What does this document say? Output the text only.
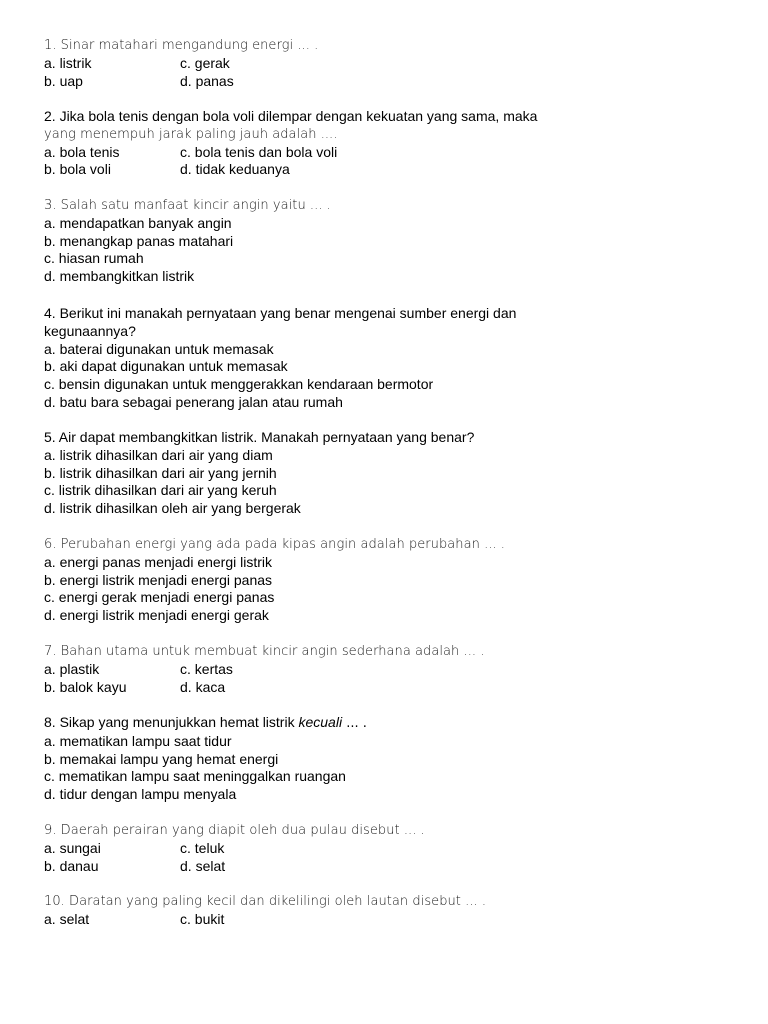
1. Sinar matahari mengandung energi ... .

a. listrik	c. gerak
b. uap	d. panas

2. Jika bola tenis dengan bola voli dilempar dengan kekuatan yang sama, maka

yang menempuh jarak paling jauh adalah ....

a. bola tenis	c. bola tenis dan bola voli
b. bola voli	d. tidak keduanya

3. Salah satu manfaat kincir angin yaitu ... .

a. mendapatkan banyak angin
b. menangkap panas matahari
c. hiasan rumah
d. membangkitkan listrik

4. Berikut ini manakah pernyataan yang benar mengenai sumber energi dan

kegunaannya?

a. baterai digunakan untuk memasak
b. aki dapat digunakan untuk memasak
c. bensin digunakan untuk menggerakkan kendaraan bermotor
d. batu bara sebagai penerang jalan atau rumah

5. Air dapat membangkitkan listrik. Manakah pernyataan yang benar?

a. listrik dihasilkan dari air yang diam
b. listrik dihasilkan dari air yang jernih
c. listrik dihasilkan dari air yang keruh
d. listrik dihasilkan oleh air yang bergerak

6. Perubahan energi yang ada pada kipas angin adalah perubahan ... .

a. energi panas menjadi energi listrik
b. energi listrik menjadi energi panas
c. energi gerak menjadi energi panas
d. energi listrik menjadi energi gerak

7. Bahan utama untuk membuat kincir angin sederhana adalah ... .

a. plastik	c. kertas
b. balok kayu	d. kaca

8. Sikap yang menunjukkan hemat listrik kecuali ... .

a. mematikan lampu saat tidur
b. memakai lampu yang hemat energi
c. mematikan lampu saat meninggalkan ruangan
d. tidur dengan lampu menyala

9. Daerah perairan yang diapit oleh dua pulau disebut ... .

a. sungai	c. teluk
b. danau	d. selat

10. Daratan yang paling kecil dan dikelilingi oleh lautan disebut ... .

a. selat	c. bukit
